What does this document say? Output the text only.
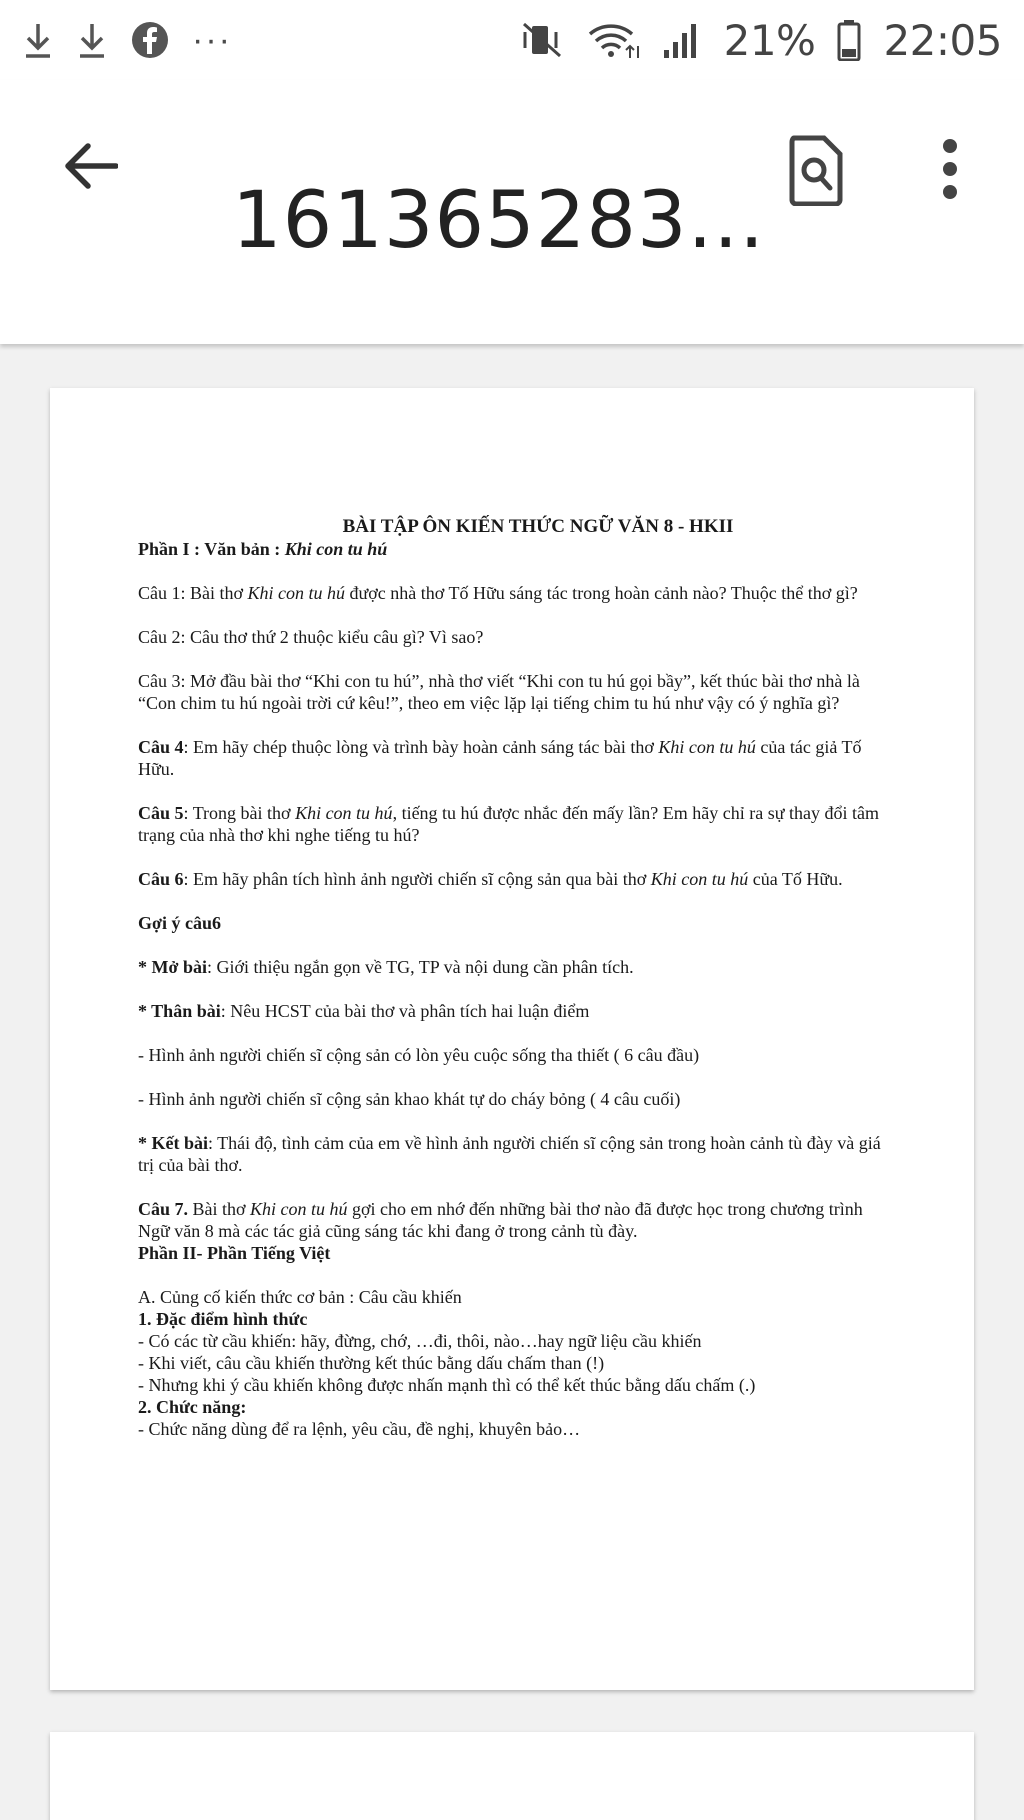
···	21% 22:05
161365283...

BÀI TẬP ÔN KIẾN THỨC NGỮ VĂN 8 - HKII

Phần I : Văn bản : Khi con tu hú

Câu 1: Bài thơ Khi con tu hú được nhà thơ Tố Hữu sáng tác trong hoàn cảnh nào? Thuộc thể thơ gì?

Câu 2: Câu thơ thứ 2 thuộc kiểu câu gì? Vì sao?

Câu 3: Mở đầu bài thơ “Khi con tu hú”, nhà thơ viết “Khi con tu hú gọi bầy”, kết thúc bài thơ nhà là “Con chim tu hú ngoài trời cứ kêu!”, theo em việc lặp lại tiếng chim tu hú như vậy có ý nghĩa gì?

Câu 4: Em hãy chép thuộc lòng và trình bày hoàn cảnh sáng tác bài thơ Khi con tu hú của tác giả Tố Hữu.

Câu 5: Trong bài thơ Khi con tu hú, tiếng tu hú được nhắc đến mấy lần? Em hãy chỉ ra sự thay đổi tâm trạng của nhà thơ khi nghe tiếng tu hú?

Câu 6: Em hãy phân tích hình ảnh người chiến sĩ cộng sản qua bài thơ Khi con tu hú của Tố Hữu.

Gợi ý câu6

* Mở bài: Giới thiệu ngắn gọn về TG, TP và nội dung cần phân tích.

* Thân bài: Nêu HCST của bài thơ và phân tích hai luận điểm

- Hình ảnh người chiến sĩ cộng sản có lòn yêu cuộc sống tha thiết ( 6 câu đầu)

- Hình ảnh người chiến sĩ cộng sản khao khát tự do cháy bỏng ( 4 câu cuối)

* Kết bài: Thái độ, tình cảm của em về hình ảnh người chiến sĩ cộng sản trong hoàn cảnh tù đày và giá trị của bài thơ.

Câu 7. Bài thơ Khi con tu hú gợi cho em nhớ đến những bài thơ nào đã được học trong chương trình Ngữ văn 8 mà các tác giả cũng sáng tác khi đang ở trong cảnh tù đày.

Phần II- Phần Tiếng Việt

A. Củng cố kiến thức cơ bản : Câu cầu khiến

1. Đặc điểm hình thức

- Có các từ cầu khiến: hãy, đừng, chớ, …đi, thôi, nào…hay ngữ liệu cầu khiến

- Khi viết, câu cầu khiến thường kết thúc bằng dấu chấm than (!)

- Nhưng khi ý cầu khiến không được nhấn mạnh thì có thể kết thúc bằng dấu chấm (.)

2. Chức năng:

- Chức năng dùng để ra lệnh, yêu cầu, đề nghị, khuyên bảo…
